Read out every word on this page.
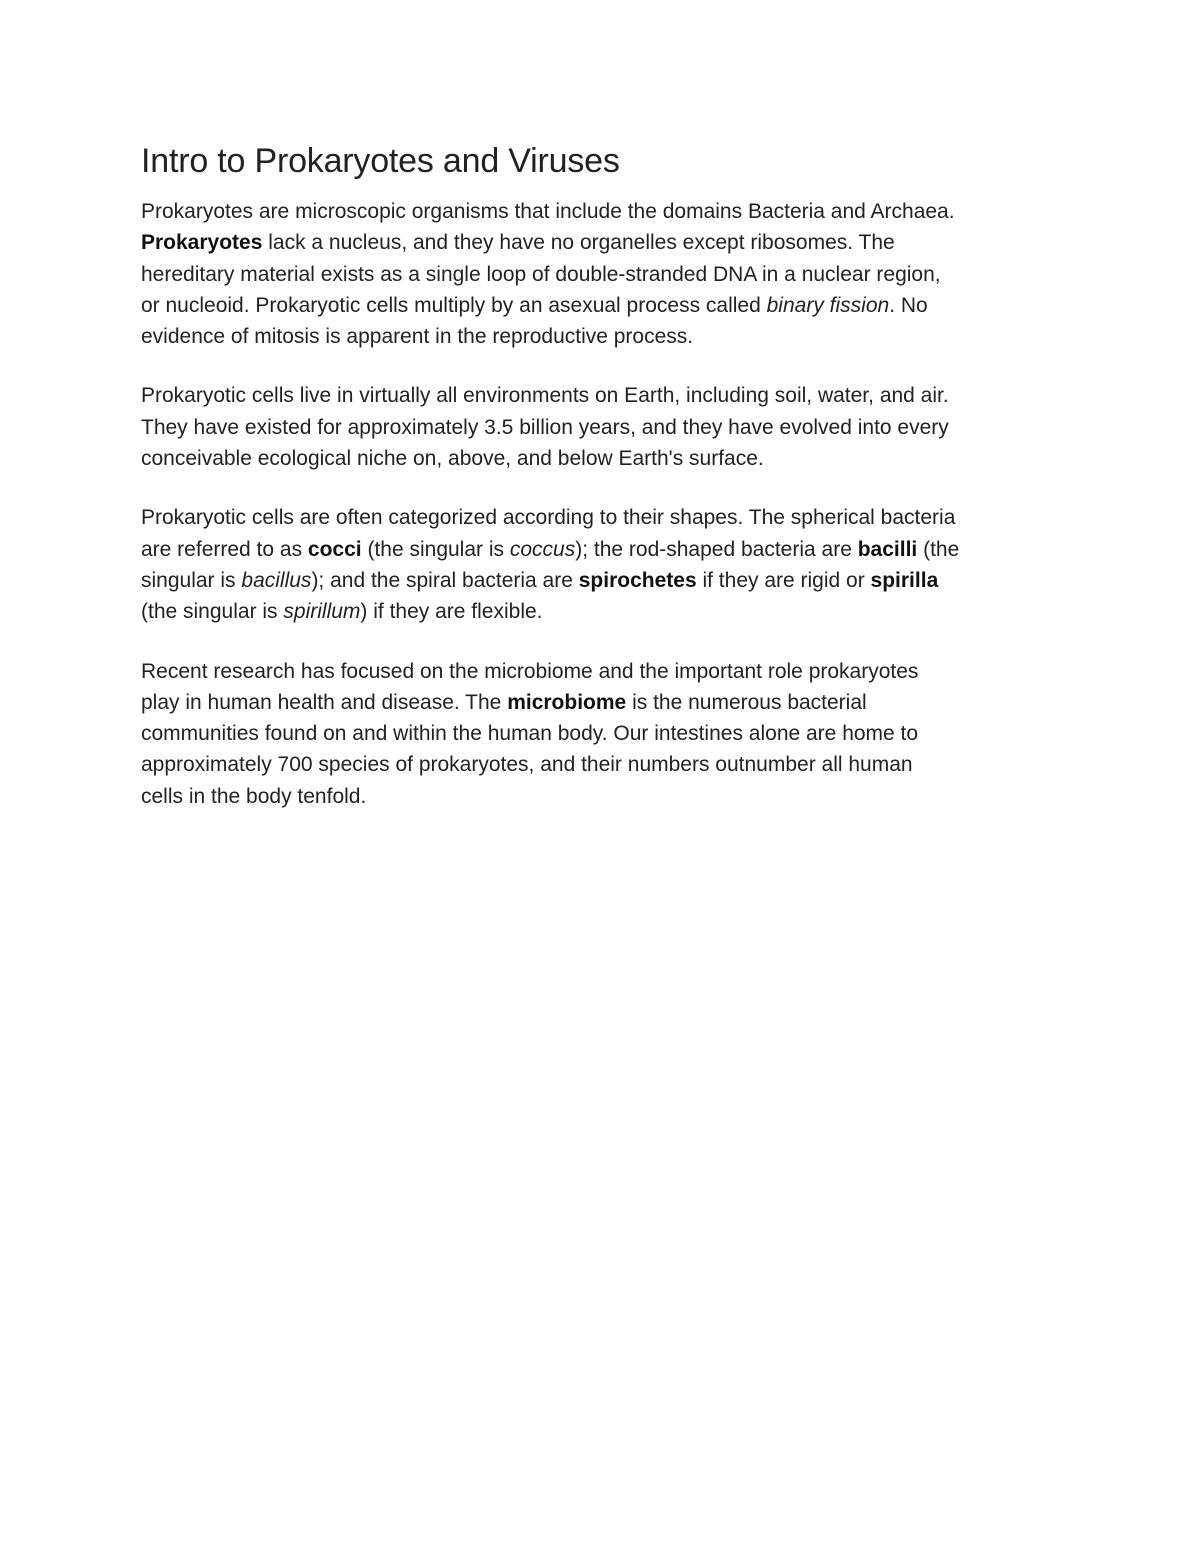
Intro to Prokaryotes and Viruses

Prokaryotes are microscopic organisms that include the domains Bacteria and Archaea.
Prokaryotes lack a nucleus, and they have no organelles except ribosomes. The
hereditary material exists as a single loop of double-stranded DNA in a nuclear region,
or nucleoid. Prokaryotic cells multiply by an asexual process called binary fission. No
evidence of mitosis is apparent in the reproductive process.

Prokaryotic cells live in virtually all environments on Earth, including soil, water, and air.
They have existed for approximately 3.5 billion years, and they have evolved into every
conceivable ecological niche on, above, and below Earth's surface.

Prokaryotic cells are often categorized according to their shapes. The spherical bacteria
are referred to as cocci (the singular is coccus); the rod-shaped bacteria are bacilli (the
singular is bacillus); and the spiral bacteria are spirochetes if they are rigid or spirilla
(the singular is spirillum) if they are flexible.

Recent research has focused on the microbiome and the important role prokaryotes
play in human health and disease. The microbiome is the numerous bacterial
communities found on and within the human body. Our intestines alone are home to
approximately 700 species of prokaryotes, and their numbers outnumber all human
cells in the body tenfold.
